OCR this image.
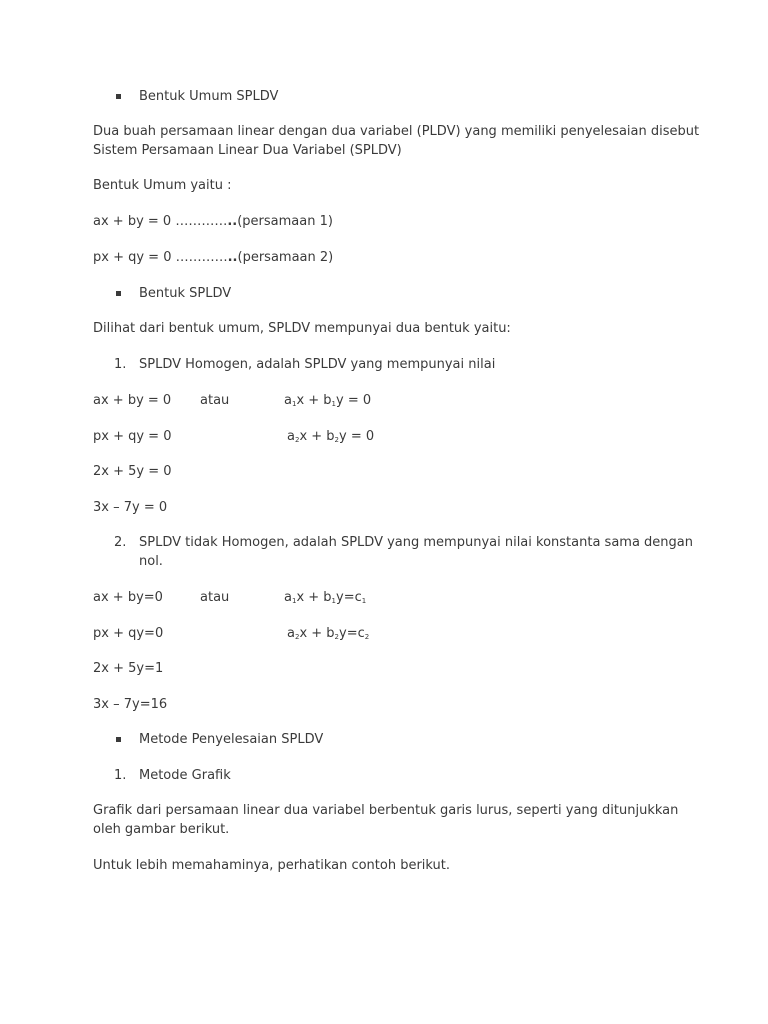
Bentuk Umum SPLDV
Dua buah persamaan linear dengan dua variabel (PLDV) yang memiliki penyelesaian disebut
Sistem Persamaan Linear Dua Variabel (SPLDV)
Bentuk Umum yaitu :
ax + by = 0 …………..(persamaan 1)
px + qy = 0 …………..(persamaan 2)
Bentuk SPLDV
Dilihat dari bentuk umum, SPLDV mempunyai dua bentuk yaitu:
1. SPLDV Homogen, adalah SPLDV yang mempunyai nilai
ax + by = 0 atau	$a_1x + b_1y = 0$
px + qy = 0	$a_2x + b_2y = 0$
2x + 5y = 0
3x – 7y = 0
2. SPLDV tidak Homogen, adalah SPLDV yang mempunyai nilai konstanta sama dengan
nol.
ax + by=0	atau	$a_1x + b_1y=c_1$
px + qy=0	$a_2x + b_2y=c_2$
2x + 5y=1
3x – 7y=16
Metode Penyelesaian SPLDV
1. Metode Grafik
Grafik dari persamaan linear dua variabel berbentuk garis lurus, seperti yang ditunjukkan
oleh gambar berikut.
Untuk lebih memahaminya, perhatikan contoh berikut.
